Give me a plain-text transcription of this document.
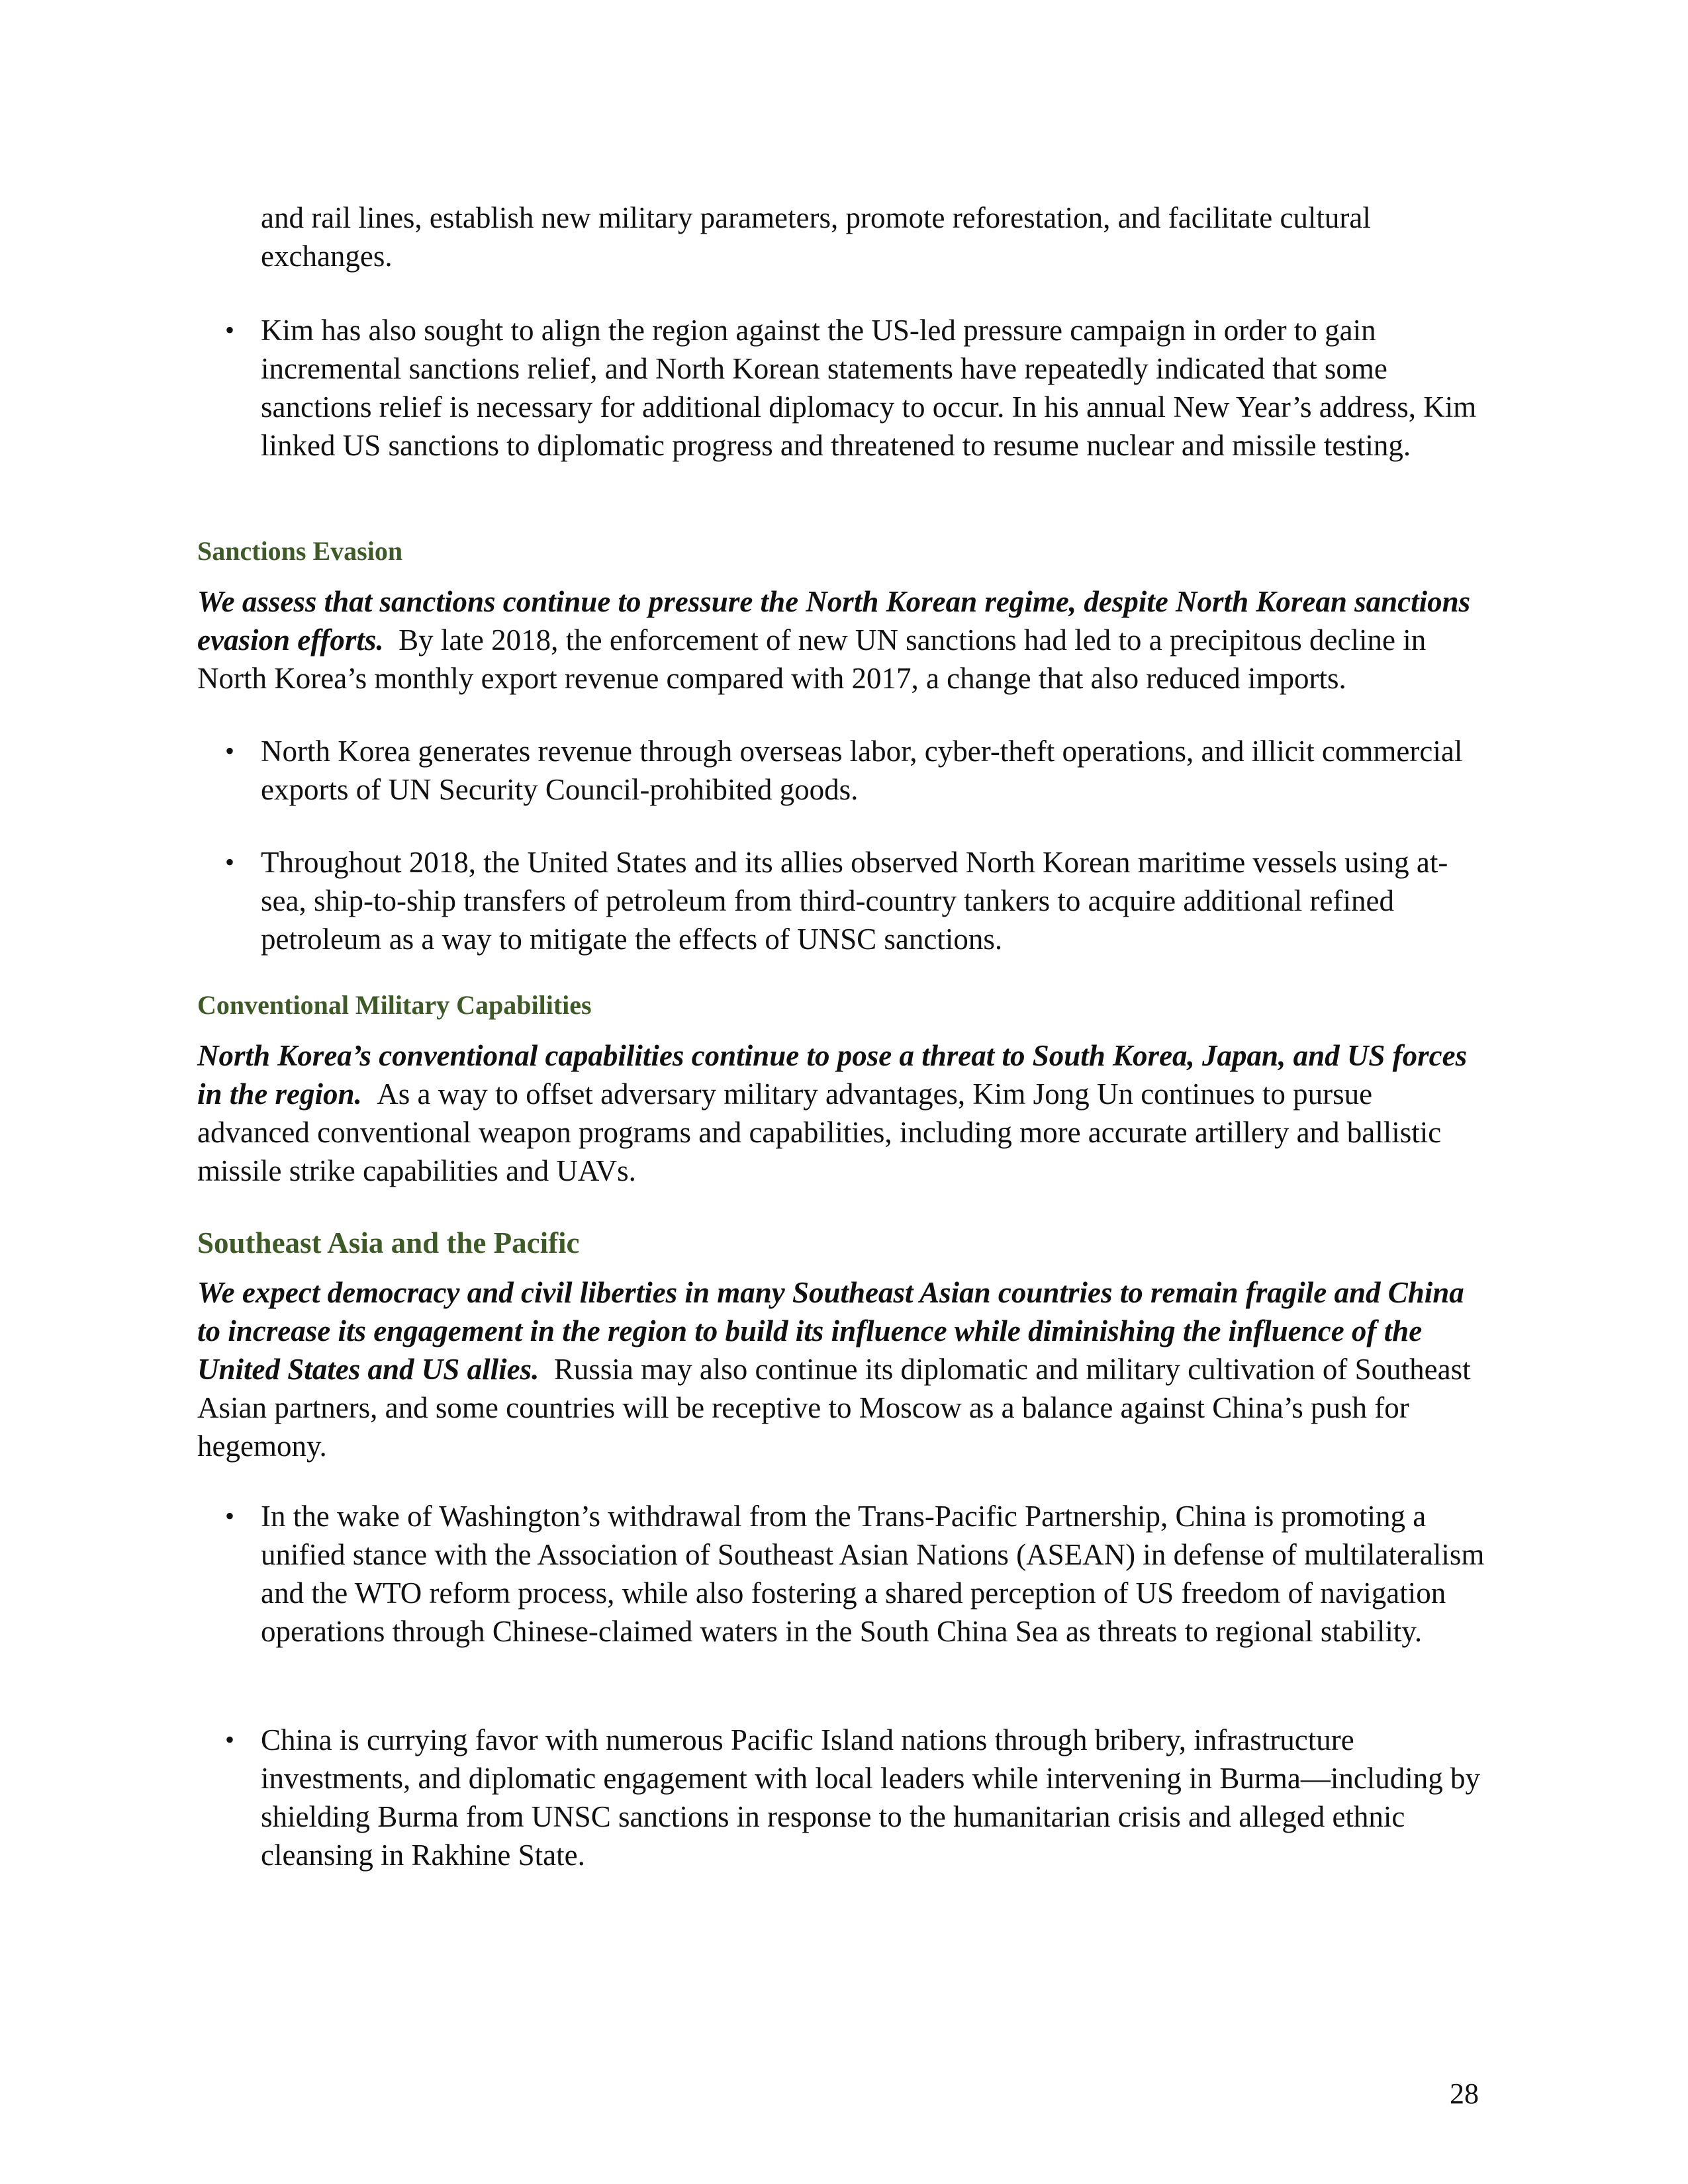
and rail lines, establish new military parameters, promote reforestation, and facilitate cultural exchanges.

• Kim has also sought to align the region against the US-led pressure campaign in order to gain incremental sanctions relief, and North Korean statements have repeatedly indicated that some sanctions relief is necessary for additional diplomacy to occur. In his annual New Year’s address, Kim linked US sanctions to diplomatic progress and threatened to resume nuclear and missile testing.

Sanctions Evasion

We assess that sanctions continue to pressure the North Korean regime, despite North Korean sanctions evasion efforts. By late 2018, the enforcement of new UN sanctions had led to a precipitous decline in North Korea’s monthly export revenue compared with 2017, a change that also reduced imports.

• North Korea generates revenue through overseas labor, cyber-theft operations, and illicit commercial exports of UN Security Council-prohibited goods.

• Throughout 2018, the United States and its allies observed North Korean maritime vessels using at-sea, ship-to-ship transfers of petroleum from third-country tankers to acquire additional refined petroleum as a way to mitigate the effects of UNSC sanctions.

Conventional Military Capabilities

North Korea’s conventional capabilities continue to pose a threat to South Korea, Japan, and US forces in the region. As a way to offset adversary military advantages, Kim Jong Un continues to pursue advanced conventional weapon programs and capabilities, including more accurate artillery and ballistic missile strike capabilities and UAVs.

Southeast Asia and the Pacific

We expect democracy and civil liberties in many Southeast Asian countries to remain fragile and China to increase its engagement in the region to build its influence while diminishing the influence of the United States and US allies. Russia may also continue its diplomatic and military cultivation of Southeast Asian partners, and some countries will be receptive to Moscow as a balance against China’s push for hegemony.

• In the wake of Washington’s withdrawal from the Trans-Pacific Partnership, China is promoting a unified stance with the Association of Southeast Asian Nations (ASEAN) in defense of multilateralism and the WTO reform process, while also fostering a shared perception of US freedom of navigation operations through Chinese-claimed waters in the South China Sea as threats to regional stability.

• China is currying favor with numerous Pacific Island nations through bribery, infrastructure investments, and diplomatic engagement with local leaders while intervening in Burma—including by shielding Burma from UNSC sanctions in response to the humanitarian crisis and alleged ethnic cleansing in Rakhine State.

28
